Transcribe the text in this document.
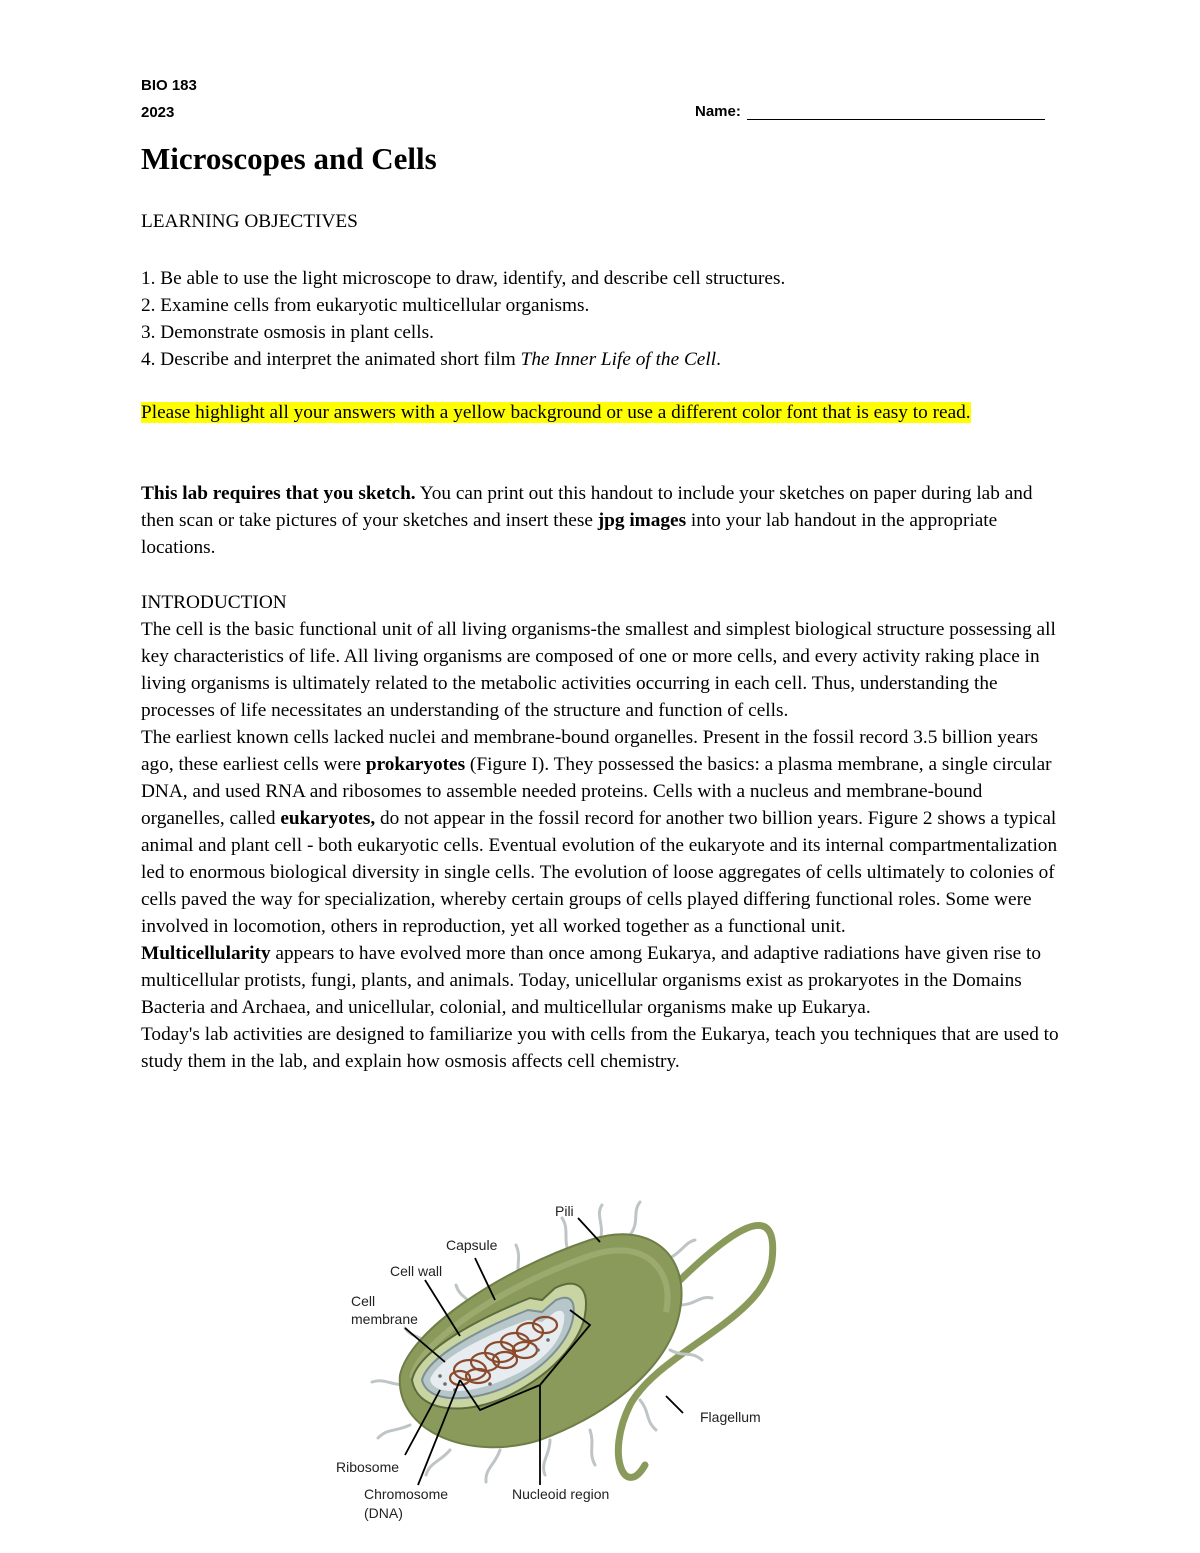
BIO 183
2023	Name:
Microscopes and Cells
LEARNING OBJECTIVES
1. Be able to use the light microscope to draw, identify, and describe cell structures.
2. Examine cells from eukaryotic multicellular organisms.
3. Demonstrate osmosis in plant cells.
4. Describe and interpret the animated short film The Inner Life of the Cell.
Please highlight all your answers with a yellow background or use a different color font that is easy to read.
This lab requires that you sketch. You can print out this handout to include your sketches on paper during lab and then scan or take pictures of your sketches and insert these jpg images into your lab handout in the appropriate locations.

INTRODUCTION

The cell is the basic functional unit of all living organisms-the smallest and simplest biological structure possessing all key characteristics of life. All living organisms are composed of one or more cells, and every activity raking place in living organisms is ultimately related to the metabolic activities occurring in each cell. Thus, understanding the processes of life necessitates an understanding of the structure and function of cells.

The earliest known cells lacked nuclei and membrane-bound organelles. Present in the fossil record 3.5 billion years ago, these earliest cells were prokaryotes (Figure I). They possessed the basics: a plasma membrane, a single circular DNA, and used RNA and ribosomes to assemble needed proteins. Cells with a nucleus and membrane-bound organelles, called eukaryotes, do not appear in the fossil record for another two billion years. Figure 2 shows a typical animal and plant cell - both eukaryotic cells. Eventual evolution of the eukaryote and its internal compartmentalization led to enormous biological diversity in single cells. The evolution of loose aggregates of cells ultimately to colonies of cells paved the way for specialization, whereby certain groups of cells played differing functional roles. Some were involved in locomotion, others in reproduction, yet all worked together as a functional unit.

Multicellularity appears to have evolved more than once among Eukarya, and adaptive radiations have given rise to multicellular protists, fungi, plants, and animals. Today, unicellular organisms exist as prokaryotes in the Domains Bacteria and Archaea, and unicellular, colonial, and multicellular organisms make up Eukarya.

Today's lab activities are designed to familiarize you with cells from the Eukarya, teach you techniques that are used to study them in the lab, and explain how osmosis affects cell chemistry.

Pili
Capsule
Cell wall
Cell
membrane
Flagellum
Ribosome
Chromosome
(DNA)
Nucleoid region
